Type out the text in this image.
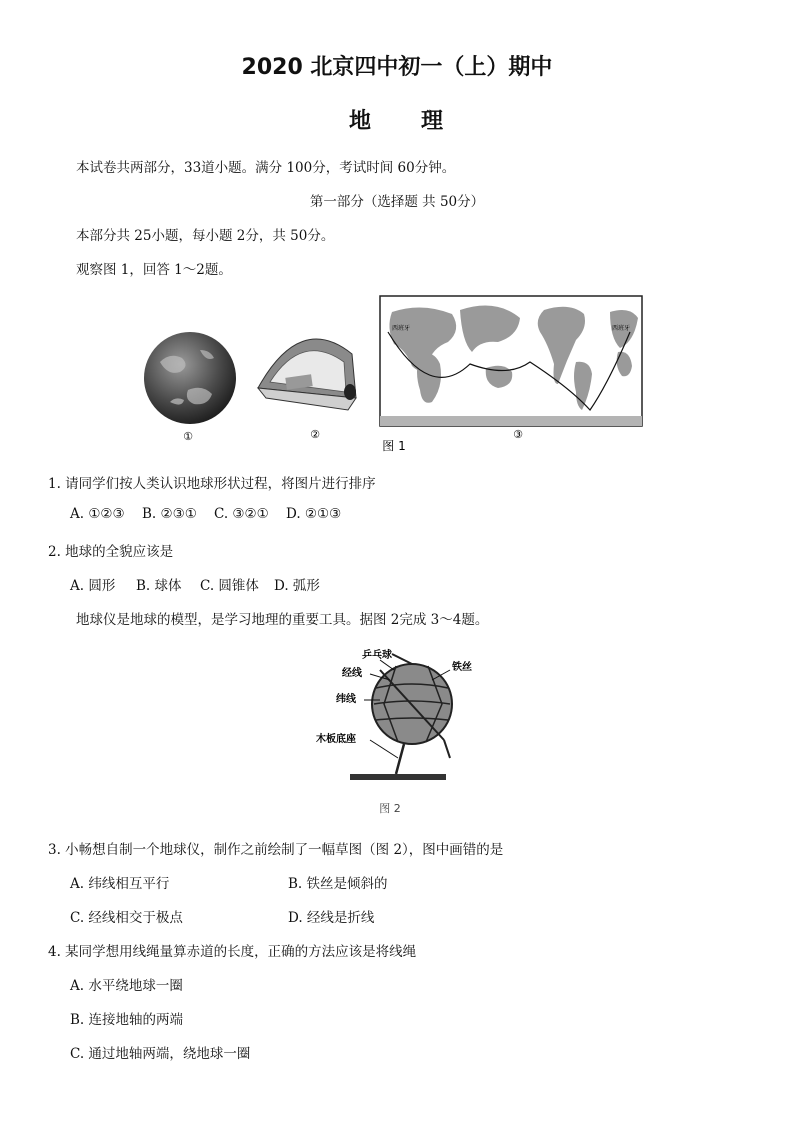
2020 北京四中初一（上）期中
地 理
本试卷共两部分，33道小题。满分 100分，考试时间 60分钟。
第一部分（选择题 共 50分）
本部分共 25小题，每小题 2分，共 50分。
观察图 1，回答 1～2题。
①	②
西班牙	西班牙
③
图 1
1. 请同学们按人类认识地球形状过程，将图片进行排序
A. ①②③ B. ②③① C. ③②① D. ②①③
2. 地球的全貌应该是
A. 圆形 B. 球体 C. 圆锥体 D. 弧形
地球仪是地球的模型，是学习地理的重要工具。据图 2完成 3～4题。
乒乓球
经线
纬线
铁丝
木板底座
图 2
3. 小畅想自制一个地球仪，制作之前绘制了一幅草图（图 2），图中画错的是
A. 纬线相互平行	B. 铁丝是倾斜的
C. 经线相交于极点	D. 经线是折线
4. 某同学想用线绳量算赤道的长度，正确的方法应该是将线绳
A. 水平绕地球一圈
B. 连接地轴的两端
C. 通过地轴两端，绕地球一圈
